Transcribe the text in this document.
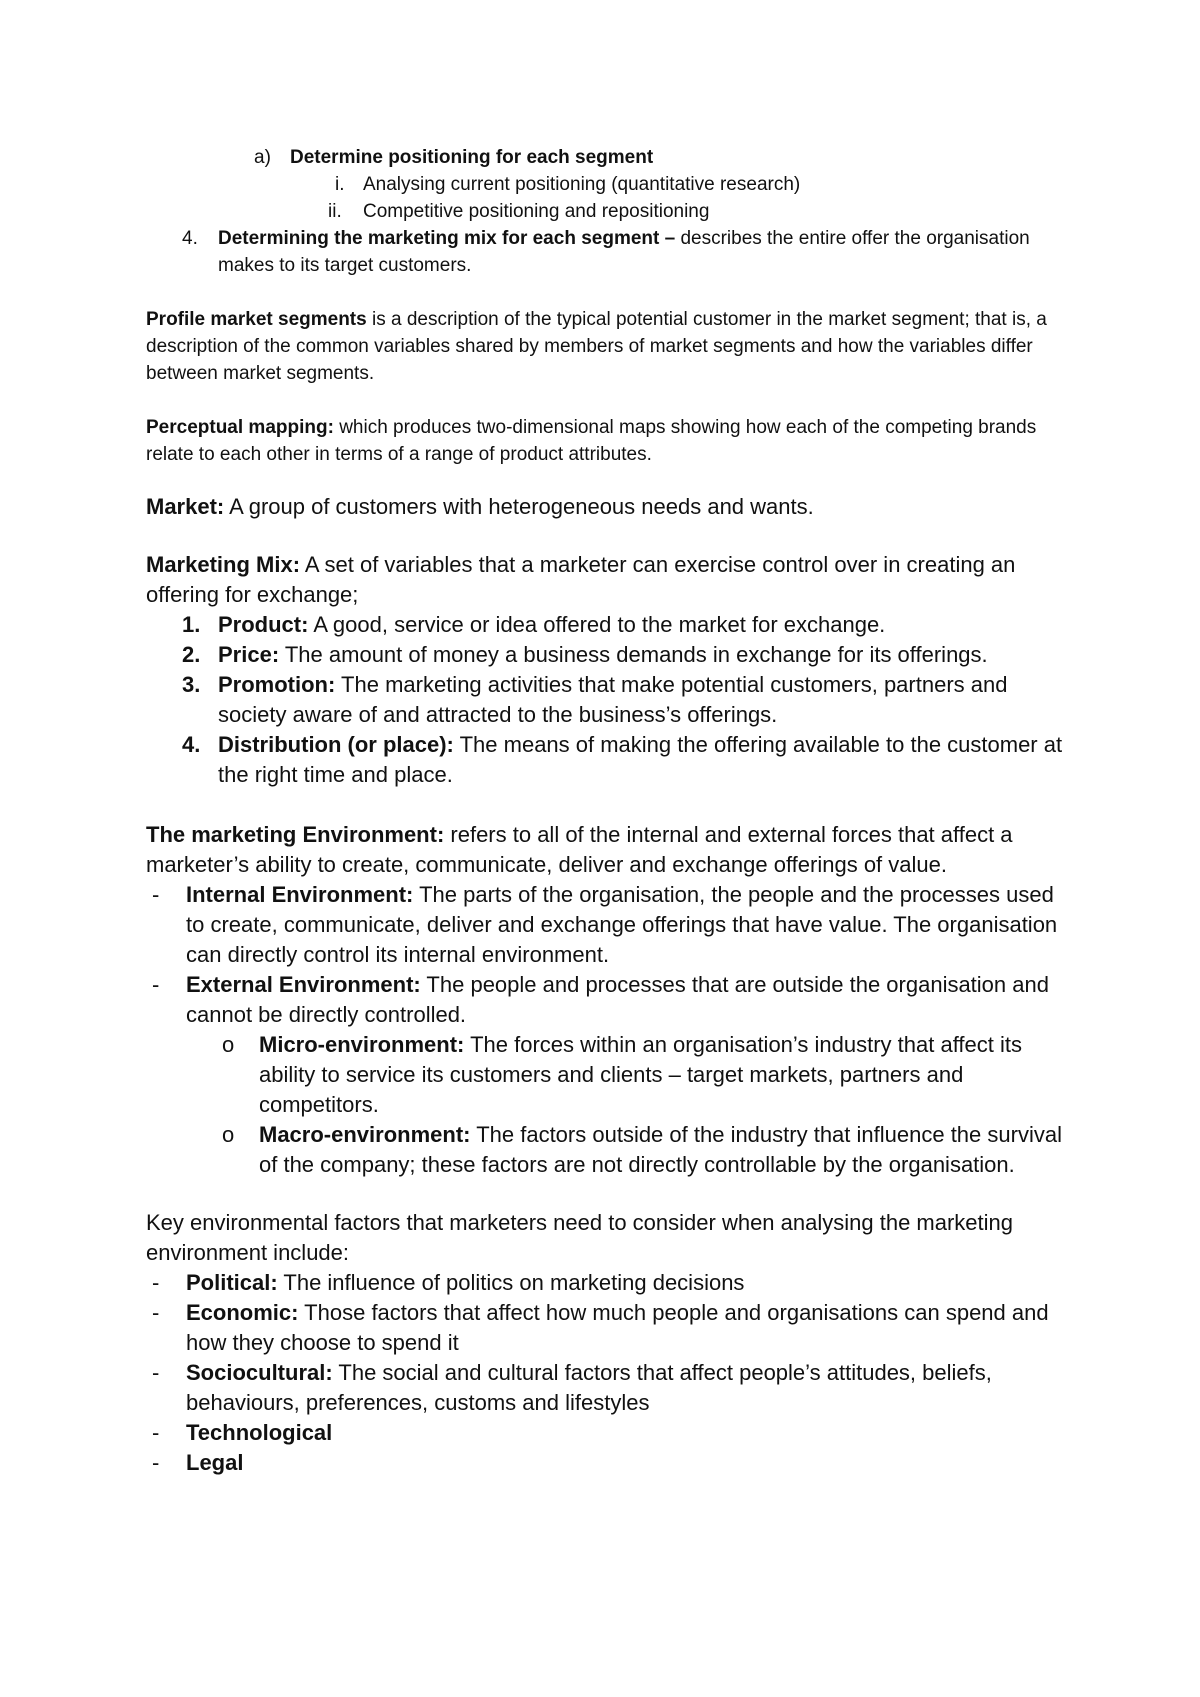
a) Determine positioning for each segment
i. Analysing current positioning (quantitative research)
ii. Competitive positioning and repositioning
4. Determining the marketing mix for each segment – describes the entire offer the organisation makes to its target customers.

Profile market segments is a description of the typical potential customer in the market segment; that is, a description of the common variables shared by members of market segments and how the variables differ between market segments.

Perceptual mapping: which produces two-dimensional maps showing how each of the competing brands relate to each other in terms of a range of product attributes.

Market: A group of customers with heterogeneous needs and wants.

Marketing Mix: A set of variables that a marketer can exercise control over in creating an offering for exchange;

1. Product: A good, service or idea offered to the market for exchange.
2. Price: The amount of money a business demands in exchange for its offerings.
3. Promotion: The marketing activities that make potential customers, partners and society aware of and attracted to the business’s offerings.
4. Distribution (or place): The means of making the offering available to the customer at the right time and place.

The marketing Environment: refers to all of the internal and external forces that affect a marketer’s ability to create, communicate, deliver and exchange offerings of value.

- Internal Environment: The parts of the organisation, the people and the processes used to create, communicate, deliver and exchange offerings that have value. The organisation can directly control its internal environment.
- External Environment: The people and processes that are outside the organisation and cannot be directly controlled.
o Micro-environment: The forces within an organisation’s industry that affect its ability to service its customers and clients – target markets, partners and competitors.
o Macro-environment: The factors outside of the industry that influence the survival of the company; these factors are not directly controllable by the organisation.

Key environmental factors that marketers need to consider when analysing the marketing environment include:

- Political: The influence of politics on marketing decisions
- Economic: Those factors that affect how much people and organisations can spend and how they choose to spend it
- Sociocultural: The social and cultural factors that affect people’s attitudes, beliefs, behaviours, preferences, customs and lifestyles
- Technological
- Legal
